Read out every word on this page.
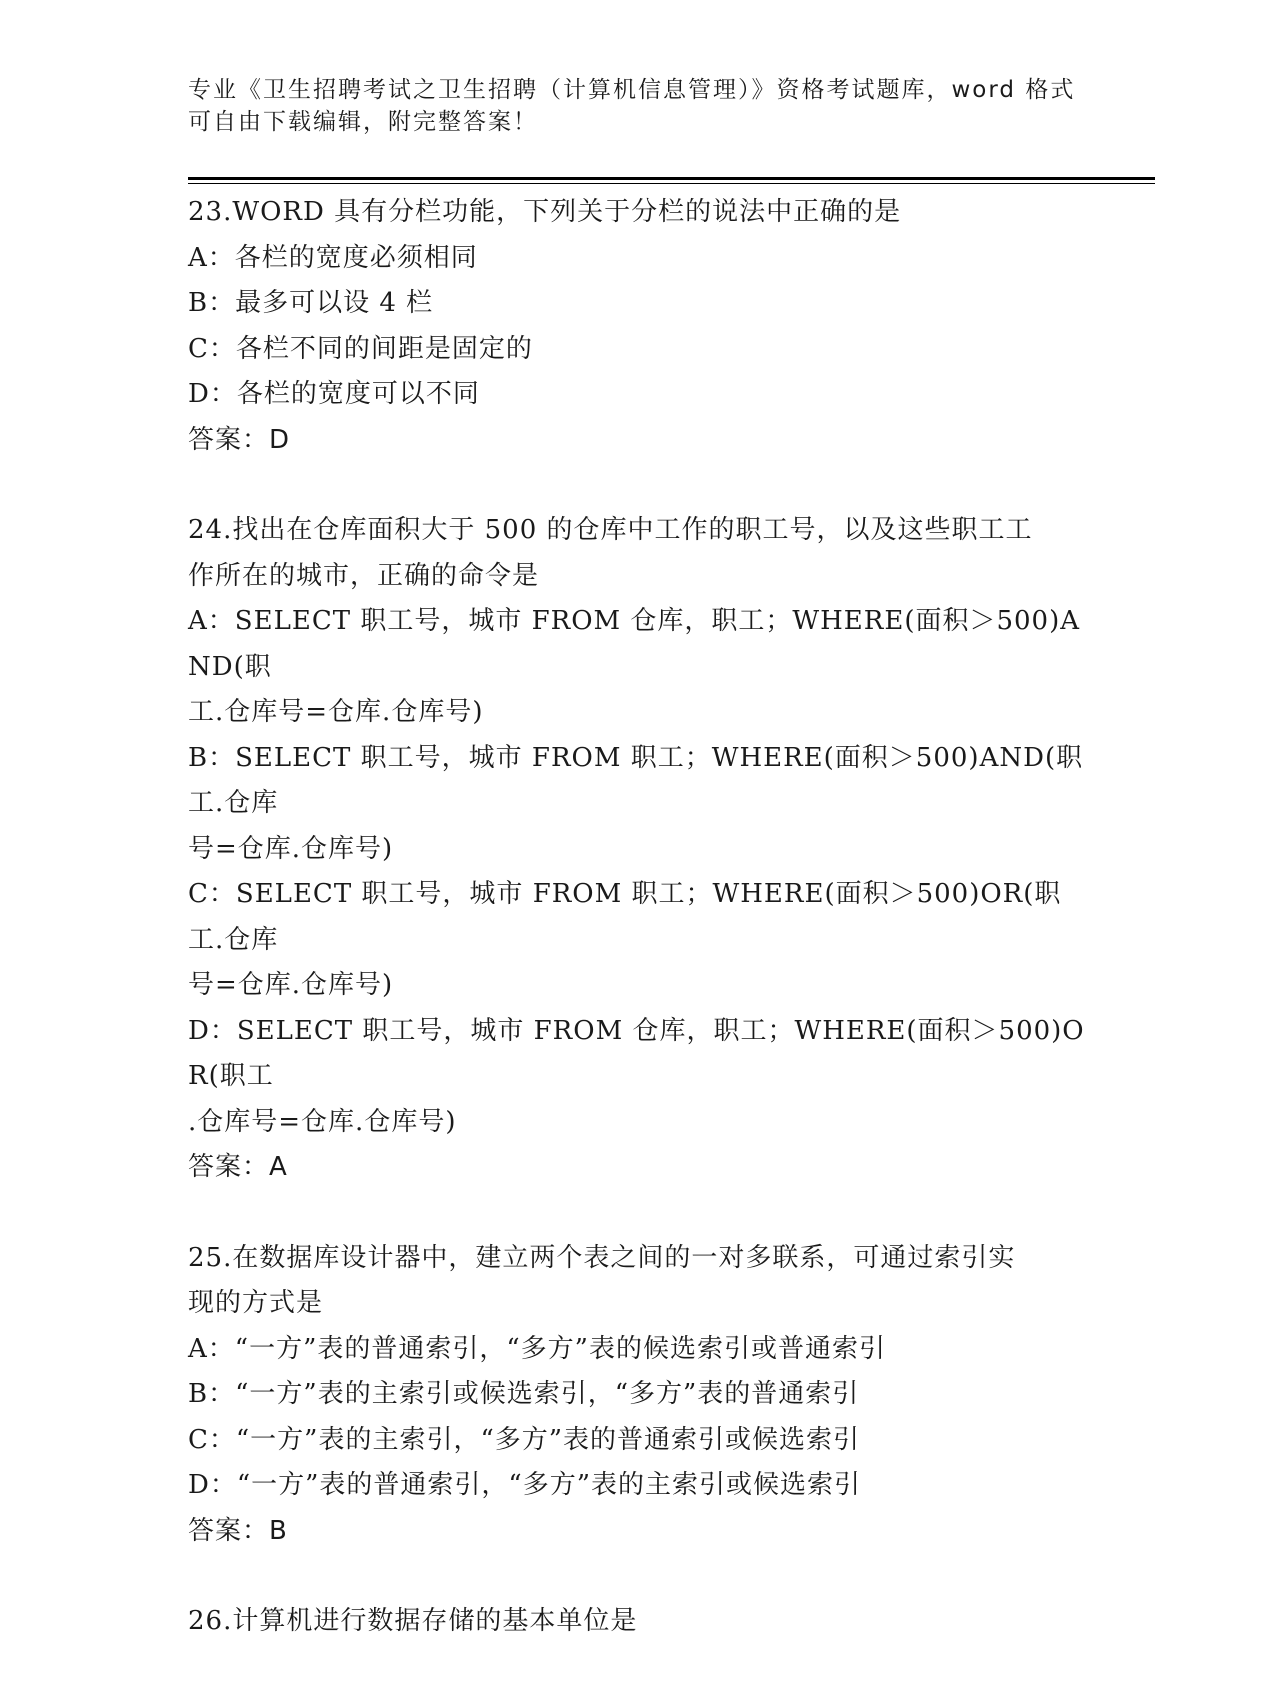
专业《卫生招聘考试之卫生招聘（计算机信息管理）》资格考试题库，word 格式
可自由下载编辑，附完整答案！
23.WORD 具有分栏功能，下列关于分栏的说法中正确的是
A：各栏的宽度必须相同
B：最多可以设 4 栏
C：各栏不同的间距是固定的
D：各栏的宽度可以不同
答案：D
24.找出在仓库面积大于 500 的仓库中工作的职工号，以及这些职工工
作所在的城市，正确的命令是
A：SELECT 职工号，城市 FROM 仓库，职工；WHERE(面积＞500)AND(职
工.仓库号=仓库.仓库号)
B：SELECT 职工号，城市 FROM 职工；WHERE(面积＞500)AND(职工.仓库
号=仓库.仓库号)
C：SELECT 职工号，城市 FROM 职工；WHERE(面积＞500)OR(职工.仓库
号=仓库.仓库号)
D：SELECT 职工号，城市 FROM 仓库，职工；WHERE(面积＞500)OR(职工
.仓库号=仓库.仓库号)
答案：A
25.在数据库设计器中，建立两个表之间的一对多联系，可通过索引实
现的方式是
A：“一方”表的普通索引，“多方”表的候选索引或普通索引
B：“一方”表的主索引或候选索引，“多方”表的普通索引
C：“一方”表的主索引，“多方”表的普通索引或候选索引
D：“一方”表的普通索引，“多方”表的主索引或候选索引
答案：B
26.计算机进行数据存储的基本单位是
